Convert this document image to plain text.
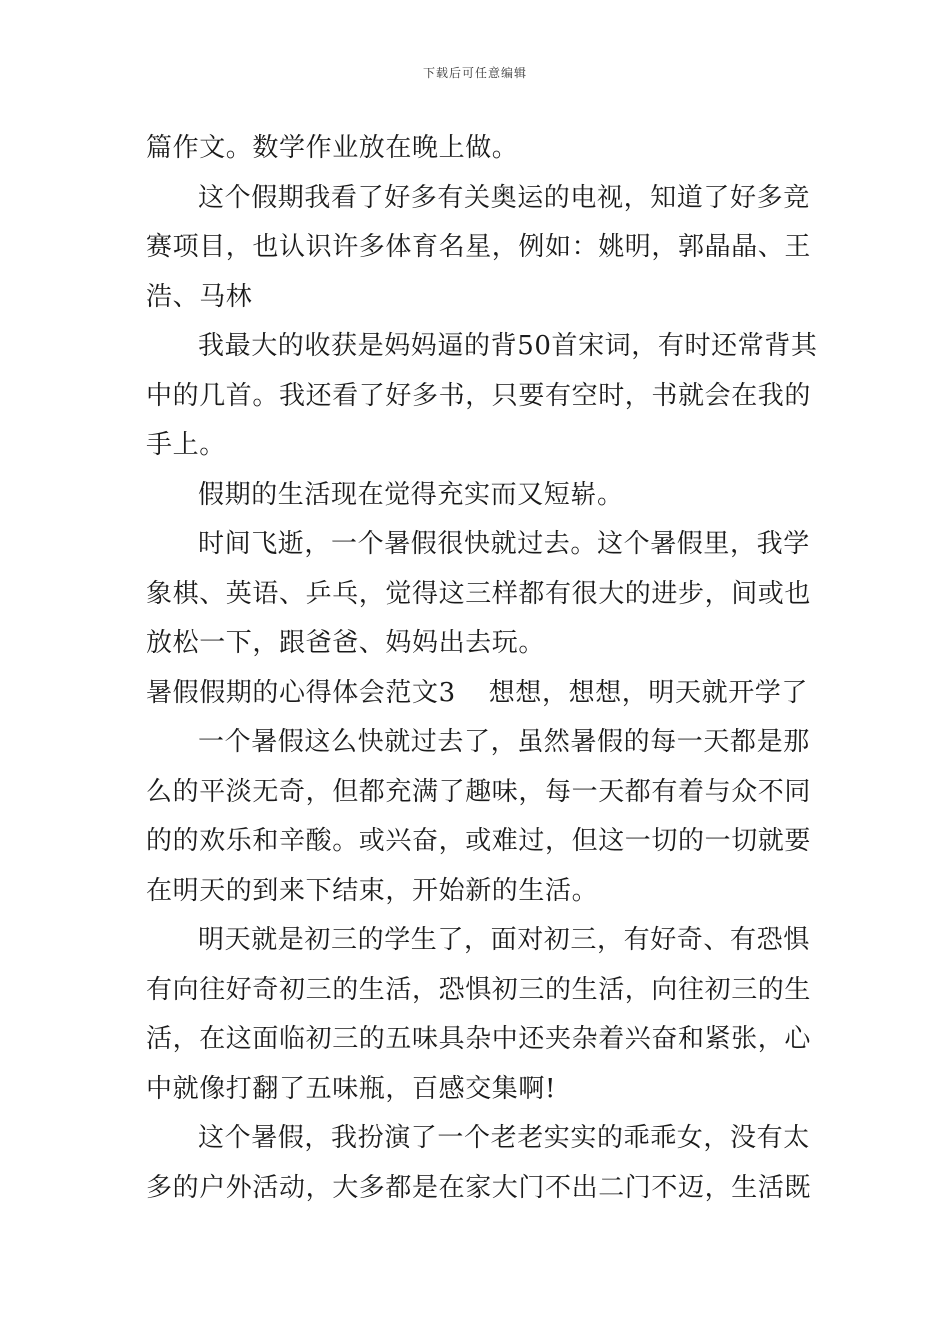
下载后可任意编辑
篇作文。数学作业放在晚上做。
这个假期我看了好多有关奥运的电视，知道了好多竞
赛项目，也认识许多体育名星，例如：姚明，郭晶晶、王
浩、马林
我最大的收获是妈妈逼的背50首宋词，有时还常背其
中的几首。我还看了好多书，只要有空时，书就会在我的
手上。
假期的生活现在觉得充实而又短崭。
时间飞逝，一个暑假很快就过去。这个暑假里，我学
象棋、英语、乒乓，觉得这三样都有很大的进步，间或也
放松一下，跟爸爸、妈妈出去玩。
暑假假期的心得体会范文3	想想，想想，明天就开学了
一个暑假这么快就过去了，虽然暑假的每一天都是那
么的平淡无奇，但都充满了趣味，每一天都有着与众不同
的的欢乐和辛酸。或兴奋，或难过，但这一切的一切就要
在明天的到来下结束，开始新的生活。
明天就是初三的学生了，面对初三，有好奇、有恐惧
有向往好奇初三的生活，恐惧初三的生活，向往初三的生
活，在这面临初三的五味具杂中还夹杂着兴奋和紧张，心
中就像打翻了五味瓶，百感交集啊!
这个暑假，我扮演了一个老老实实的乖乖女，没有太
多的户外活动，大多都是在家大门不出二门不迈，生活既
